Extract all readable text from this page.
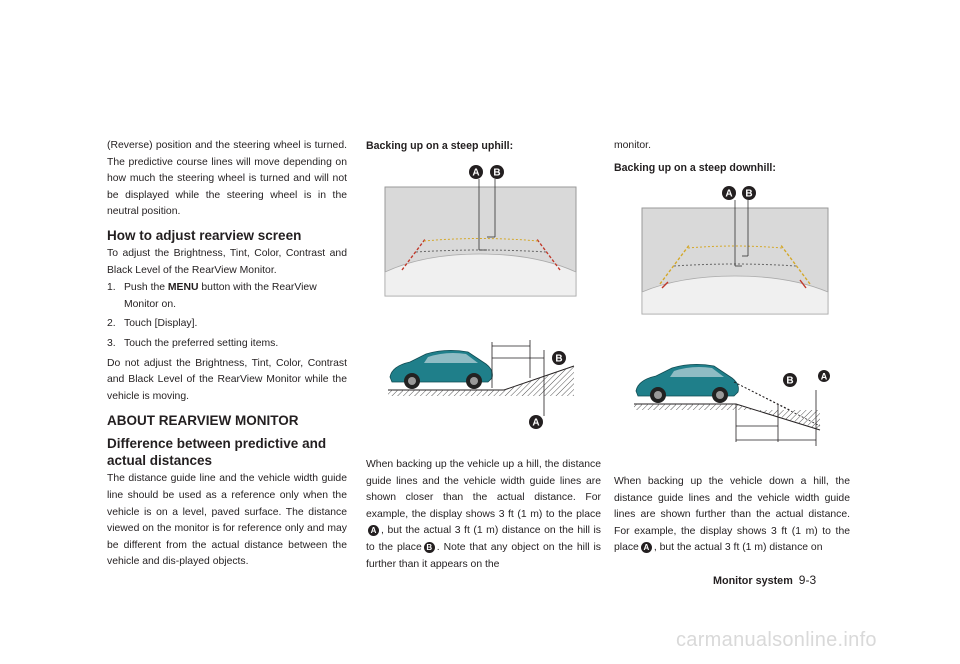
(Reverse) position and the steering wheel is turned. The predictive course lines will move depending on how much the steering wheel is turned and will not be displayed while the steering wheel is in the neutral position.

How to adjust rearview screen

To adjust the Brightness, Tint, Color, Contrast and Black Level of the RearView Monitor.

1. Push the MENU button with the RearView Monitor on.
2. Touch [Display].
3. Touch the preferred setting items.

Do not adjust the Brightness, Tint, Color, Contrast and Black Level of the RearView Monitor while the vehicle is moving.

ABOUT REARVIEW MONITOR
Difference between predictive and actual distances

The distance guide line and the vehicle width guide line should be used as a reference only when the vehicle is on a level, paved surface. The distance viewed on the monitor is for reference only and may be different from the actual distance between the vehicle and dis-played objects.

Backing up on a steep uphill:

A B
B
A
When backing up the vehicle up a hill, the distance guide lines and the vehicle width guide lines are shown closer than the actual distance. For example, the display shows 3 ft (1 m) to the placeA , but the actual 3 ft (1 m) distance on the hill is to the place B . Note that any object on the hill is further than it appears on the

monitor.

Backing up on a steep downhill:

A B
B	A
When backing up the vehicle down a hill, the distance guide lines and the vehicle width guide lines are shown further than the actual distance. For example, the display shows 3 ft (1 m) to the place A , but the actual 3 ft (1 m) distance on
Monitor system 9-3
carmanualsonline.info
